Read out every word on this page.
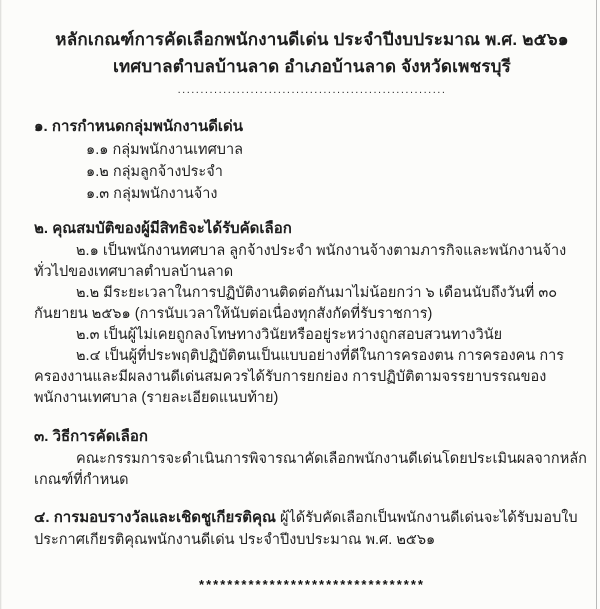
หลักเกณฑ์การคัดเลือกพนักงานดีเด่น ประจำปีงบประมาณ พ.ศ. ๒๕๖๑
เทศบาลตำบลบ้านลาด อำเภอบ้านลาด จังหวัดเพชรบุรี
...........................................................
๑. การกำหนดกลุ่มพนักงานดีเด่น
๑.๑ กลุ่มพนักงานเทศบาล
๑.๒ กลุ่มลูกจ้างประจำ
๑.๓ กลุ่มพนักงานจ้าง
๒. คุณสมบัติของผู้มีสิทธิจะได้รับคัดเลือก

๒.๑ เป็นพนักงานทศบาล ลูกจ้างประจำ พนักงานจ้างตามภารกิจและพนักงานจ้างทั่วไปของเทศบาลตำบลบ้านลาด

๒.๒ มีระยะเวลาในการปฏิบัติงานติดต่อกันมาไม่น้อยกว่า ๖ เดือนนับถึงวันที่ ๓๐ กันยายน ๒๕๖๑ (การนับเวลาให้นับต่อเนื่องทุกสังกัดที่รับราชการ)

๒.๓ เป็นผู้ไม่เคยถูกลงโทษทางวินัยหรืออยู่ระหว่างถูกสอบสวนทางวินัย

๒.๔ เป็นผู้ที่ประพฤติปฏิบัติตนเป็นแบบอย่างที่ดีในการครองตน การครองคน การครองงานและมีผลงานดีเด่นสมควรได้รับการยกย่อง การปฏิบัติตามจรรยาบรรณของพนักงานเทศบาล (รายละเอียดแนบท้าย)

๓. วิธีการคัดเลือก

คณะกรรมการจะดำเนินการพิจารณาคัดเลือกพนักงานดีเด่นโดยประเมินผลจากหลักเกณฑ์ที่กำหนด

๔. การมอบรางวัลและเชิดชูเกียรติคุณ ผู้ได้รับคัดเลือกเป็นพนักงานดีเด่นจะได้รับมอบใบประกาศเกียรติคุณพนักงานดีเด่น ประจำปีงบประมาณ พ.ศ. ๒๕๖๑

********************************
